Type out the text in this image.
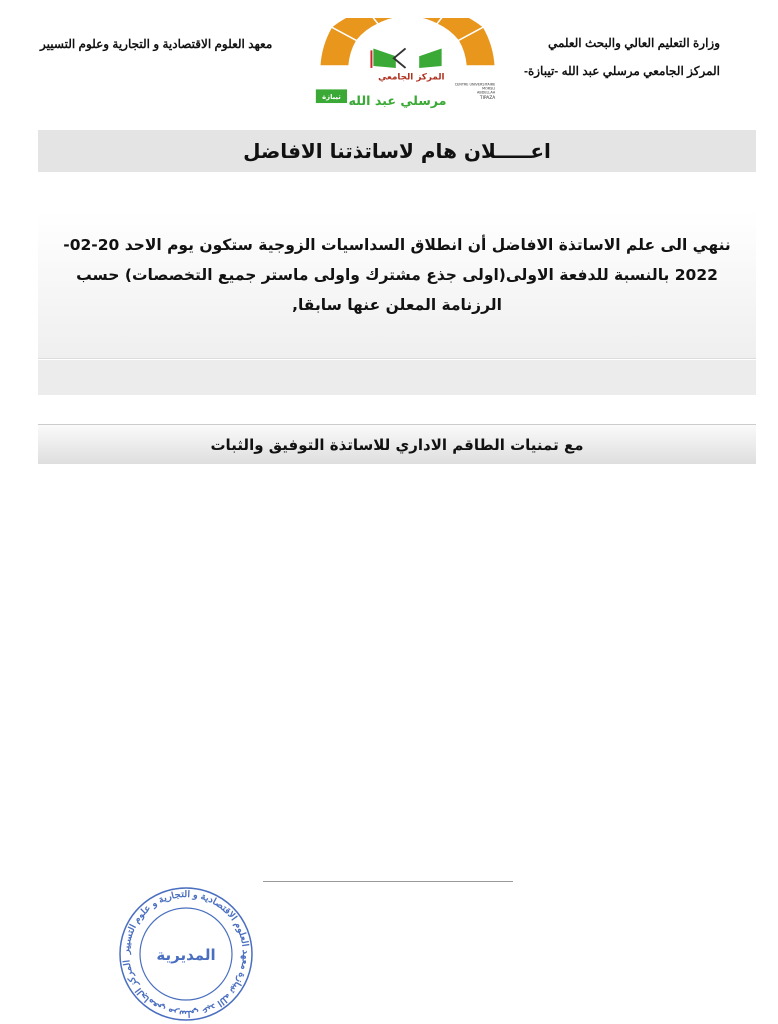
وزارة التعليم العالي والبحث العلمي
المركز الجامعي مرسلي عبد الله -تيبازة-
معهد العلوم الاقتصادية و التجارية وعلوم التسيير
المركز الجامعي
CENTRE UNIVERSITAIRE
MORSLI
ABDELLAH
TIPAZA
مرسلي عبد الله
تيبازة
اعـــــلان هام لاساتذتنا الافاضل
ننهي الى علم الاساتذة الافاضل أن انطلاق السداسيات الزوجية ستكون يوم الاحد 20-02-2022 بالنسبة للدفعة الاولى(اولى جذع مشترك واولى ماستر جميع التخصصات) حسب الرزنامة المعلن عنها سابقا,
مع تمنيات الطاقم الاداري للاساتذة التوفيق والثبات
المركز الجامعي مرسلي عبد الله تيبازة معهد العلوم الاقتصادية و التجارية و علوم التسيير	المديرية
